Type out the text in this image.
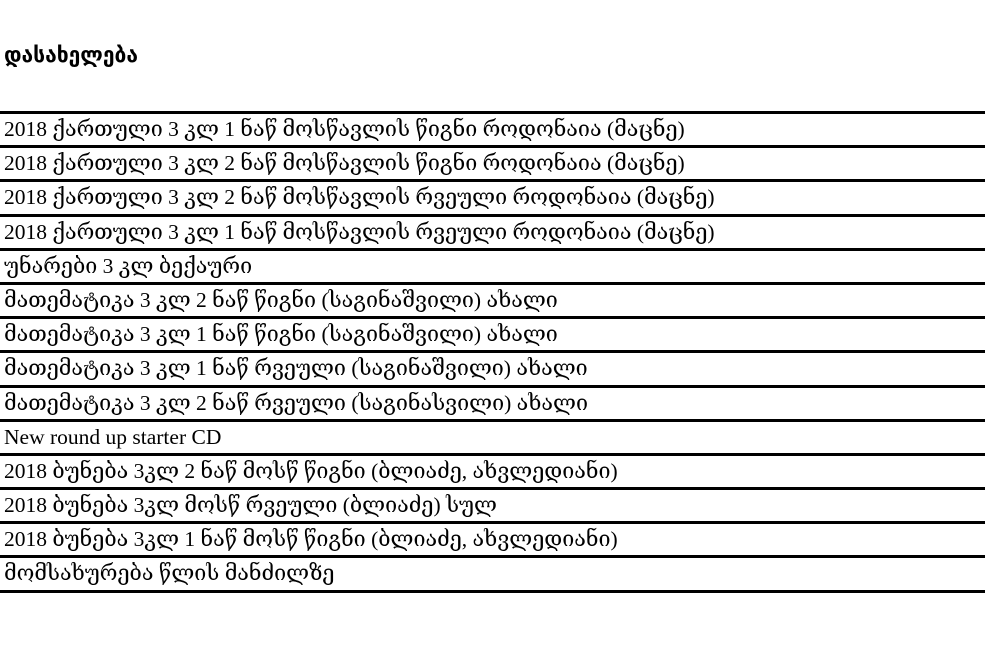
დასახელება
2018 ქართული 3 კლ 1 ნაწ მოსწავლის წიგნი როდონაია (მაცნე)
2018 ქართული 3 კლ 2 ნაწ მოსწავლის წიგნი როდონაია (მაცნე)
2018 ქართული 3 კლ 2 ნაწ მოსწავლის რვეული როდონაია (მაცნე)
2018 ქართული 3 კლ 1 ნაწ მოსწავლის რვეული როდონაია (მაცნე)
უნარები 3 კლ ბექაური
მათემატიკა 3 კლ 2 ნაწ წიგნი (საგინაშვილი) ახალი
მათემატიკა 3 კლ 1 ნაწ წიგნი (საგინაშვილი) ახალი
მათემატიკა 3 კლ 1 ნაწ რვეული (საგინაშვილი) ახალი
მათემატიკა 3 კლ 2 ნაწ რვეული (საგინასვილი) ახალი
New round up starter CD
2018 ბუნება 3კლ 2 ნაწ მოსწ წიგნი (ბლიაძე, ახვლედიანი)
2018 ბუნება 3კლ მოსწ რვეული (ბლიაძე) სულ
2018 ბუნება 3კლ 1 ნაწ მოსწ წიგნი (ბლიაძე, ახვლედიანი)
მომსახურება წლის მანძილზე
